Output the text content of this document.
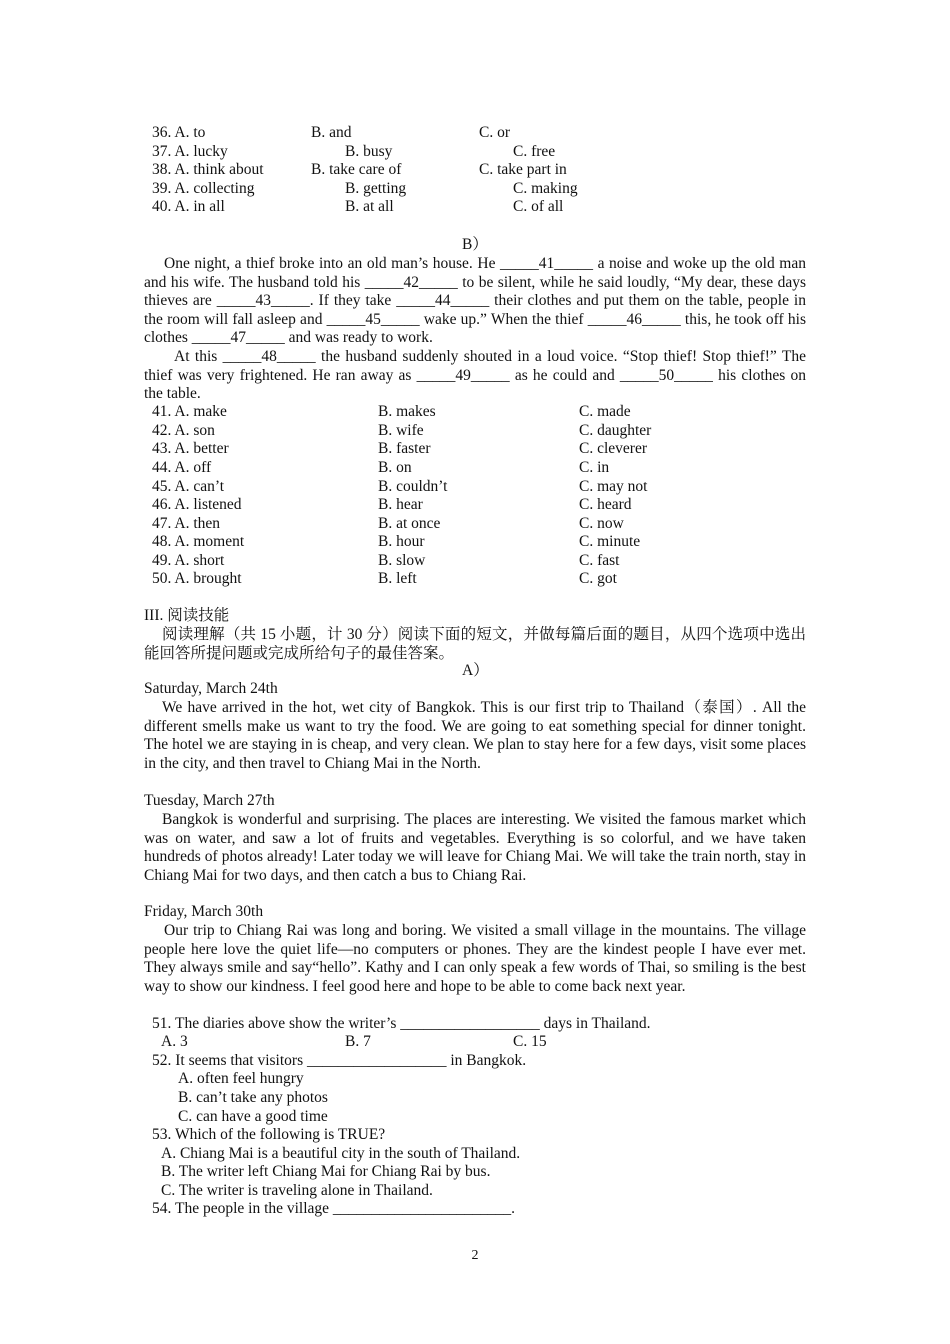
36. A. to	B. and	C. or
37. A. lucky	B. busy	C. free
38. A. think about	B. take care of	C. take part in
39. A. collecting	B. getting	C. making
40. A. in all	B. at all	C. of all
B）
One night, a thief broke into an old man’s house. He _____41_____ a noise and woke up the old man and his wife. The husband told his _____42_____ to be silent, while he said loudly, “My dear, these days thieves are _____43_____. If they take _____44_____ their clothes and put them on the table, people in the room will fall asleep and _____45_____ wake up.” When the thief _____46_____ this, he took off his clothes _____47_____ and was ready to work.
At this _____48_____ the husband suddenly shouted in a loud voice. “Stop thief! Stop thief!” The thief was very frightened. He ran away as _____49_____ as he could and _____50_____ his clothes on the table.
41. A. make	B. makes	C. made
42. A. son	B. wife	C. daughter
43. A. better	B. faster	C. cleverer
44. A. off	B. on	C. in
45. A. can’t	B. couldn’t	C. may not
46. A. listened	B. hear	C. heard
47. A. then	B. at once	C. now
48. A. moment	B. hour	C. minute
49. A. short	B. slow	C. fast
50. A. brought	B. left	C. got
III. 阅读技能
阅读理解（共 15 小题，计 30 分）阅读下面的短文，并做每篇后面的题目，从四个选项中选出能回答所提问题或完成所给句子的最佳答案。
A）
Saturday, March 24th
We have arrived in the hot, wet city of Bangkok. This is our first trip to Thailand（泰国）. All the different smells make us want to try the food. We are going to eat something special for dinner tonight. The hotel we are staying in is cheap, and very clean. We plan to stay here for a few days, visit some places in the city, and then travel to Chiang Mai in the North.
Tuesday, March 27th
Bangkok is wonderful and surprising. The places are interesting. We visited the famous market which was on water, and saw a lot of fruits and vegetables. Everything is so colorful, and we have taken hundreds of photos already! Later today we will leave for Chiang Mai. We will take the train north, stay in Chiang Mai for two days, and then catch a bus to Chiang Rai.
Friday, March 30th
Our trip to Chiang Rai was long and boring. We visited a small village in the mountains. The village people here love the quiet life—no computers or phones. They are the kindest people I have ever met. They always smile and say“hello”. Kathy and I can only speak a few words of Thai, so smiling is the best way to show our kindness. I feel good here and hope to be able to come back next year.
51. The diaries above show the writer’s __________________ days in Thailand.
A. 3	B. 7	C. 15
52. It seems that visitors __________________ in Bangkok.
A. often feel hungry
B. can’t take any photos
C. can have a good time
53. Which of the following is TRUE?
A. Chiang Mai is a beautiful city in the south of Thailand.
B. The writer left Chiang Mai for Chiang Rai by bus.
C. The writer is traveling alone in Thailand.
54. The people in the village _______________________.
2
